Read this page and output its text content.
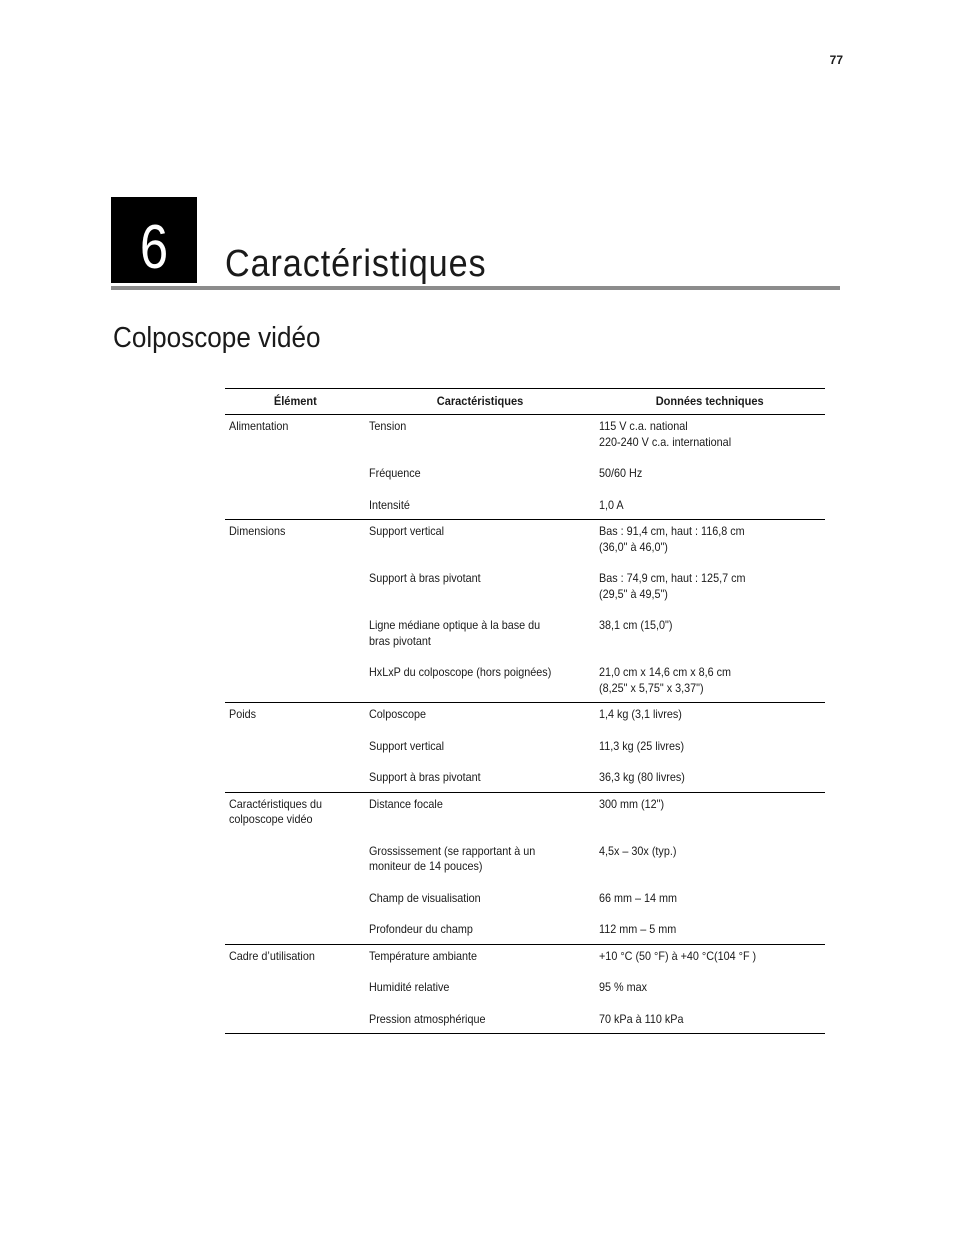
77
6	Caractéristiques
Colposcope vidéo
Élément	Caractéristiques	Données techniques

Alimentation	Tension	115 V c.a. national
220-240 V c.a. international

	Fréquence	50/60 Hz

	Intensité	1,0 A

Dimensions	Support vertical	Bas : 91,4 cm, haut : 116,8 cm
(36,0" à 46,0")

	Support à bras pivotant	Bas : 74,9 cm, haut : 125,7 cm
(29,5" à 49,5")

	Ligne médiane optique à la base du
bras pivotant	38,1 cm (15,0")

	HxLxP du colposcope (hors poignées)	21,0 cm x 14,6 cm x 8,6 cm
(8,25" x 5,75" x 3,37")

Poids	Colposcope	1,4 kg (3,1 livres)

	Support vertical	11,3 kg (25 livres)

	Support à bras pivotant	36,3 kg (80 livres)

Caractéristiques du
colposcope vidéo	Distance focale	300 mm (12")

	Grossissement (se rapportant à un
moniteur de 14 pouces)	4,5x – 30x (typ.)

	Champ de visualisation	66 mm – 14 mm

	Profondeur du champ	112 mm – 5 mm

Cadre d’utilisation	Température ambiante	+10 °C (50 °F) à +40 °C(104 °F )

	Humidité relative	95 % max

	Pression atmosphérique	70 kPa à 110 kPa
